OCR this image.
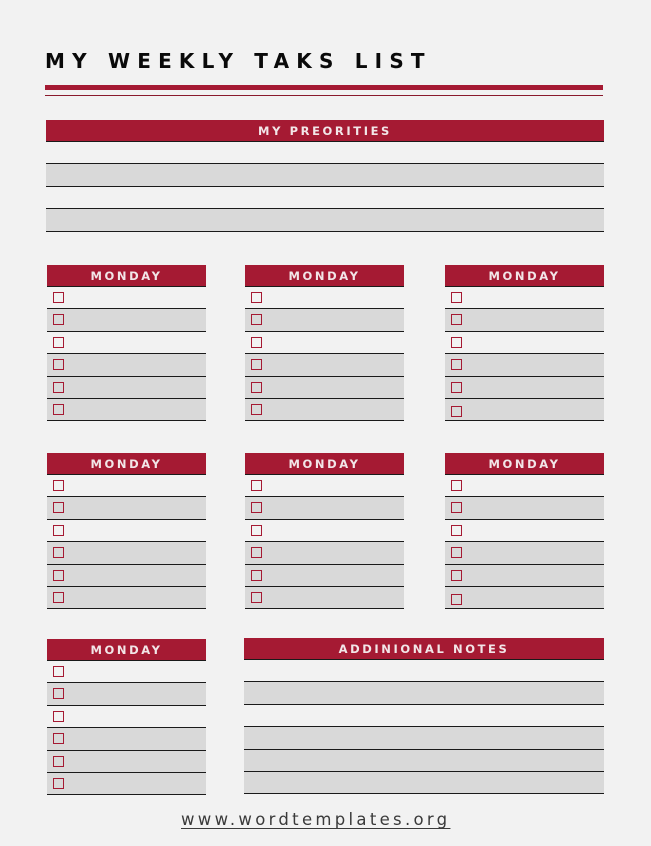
MY WEEKLY TAKS LIST
MY PREORITIES
MONDAY	MONDAY	MONDAY
MONDAY	MONDAY	MONDAY
MONDAY	ADDINIONAL NOTES
www.wordtemplates.org
